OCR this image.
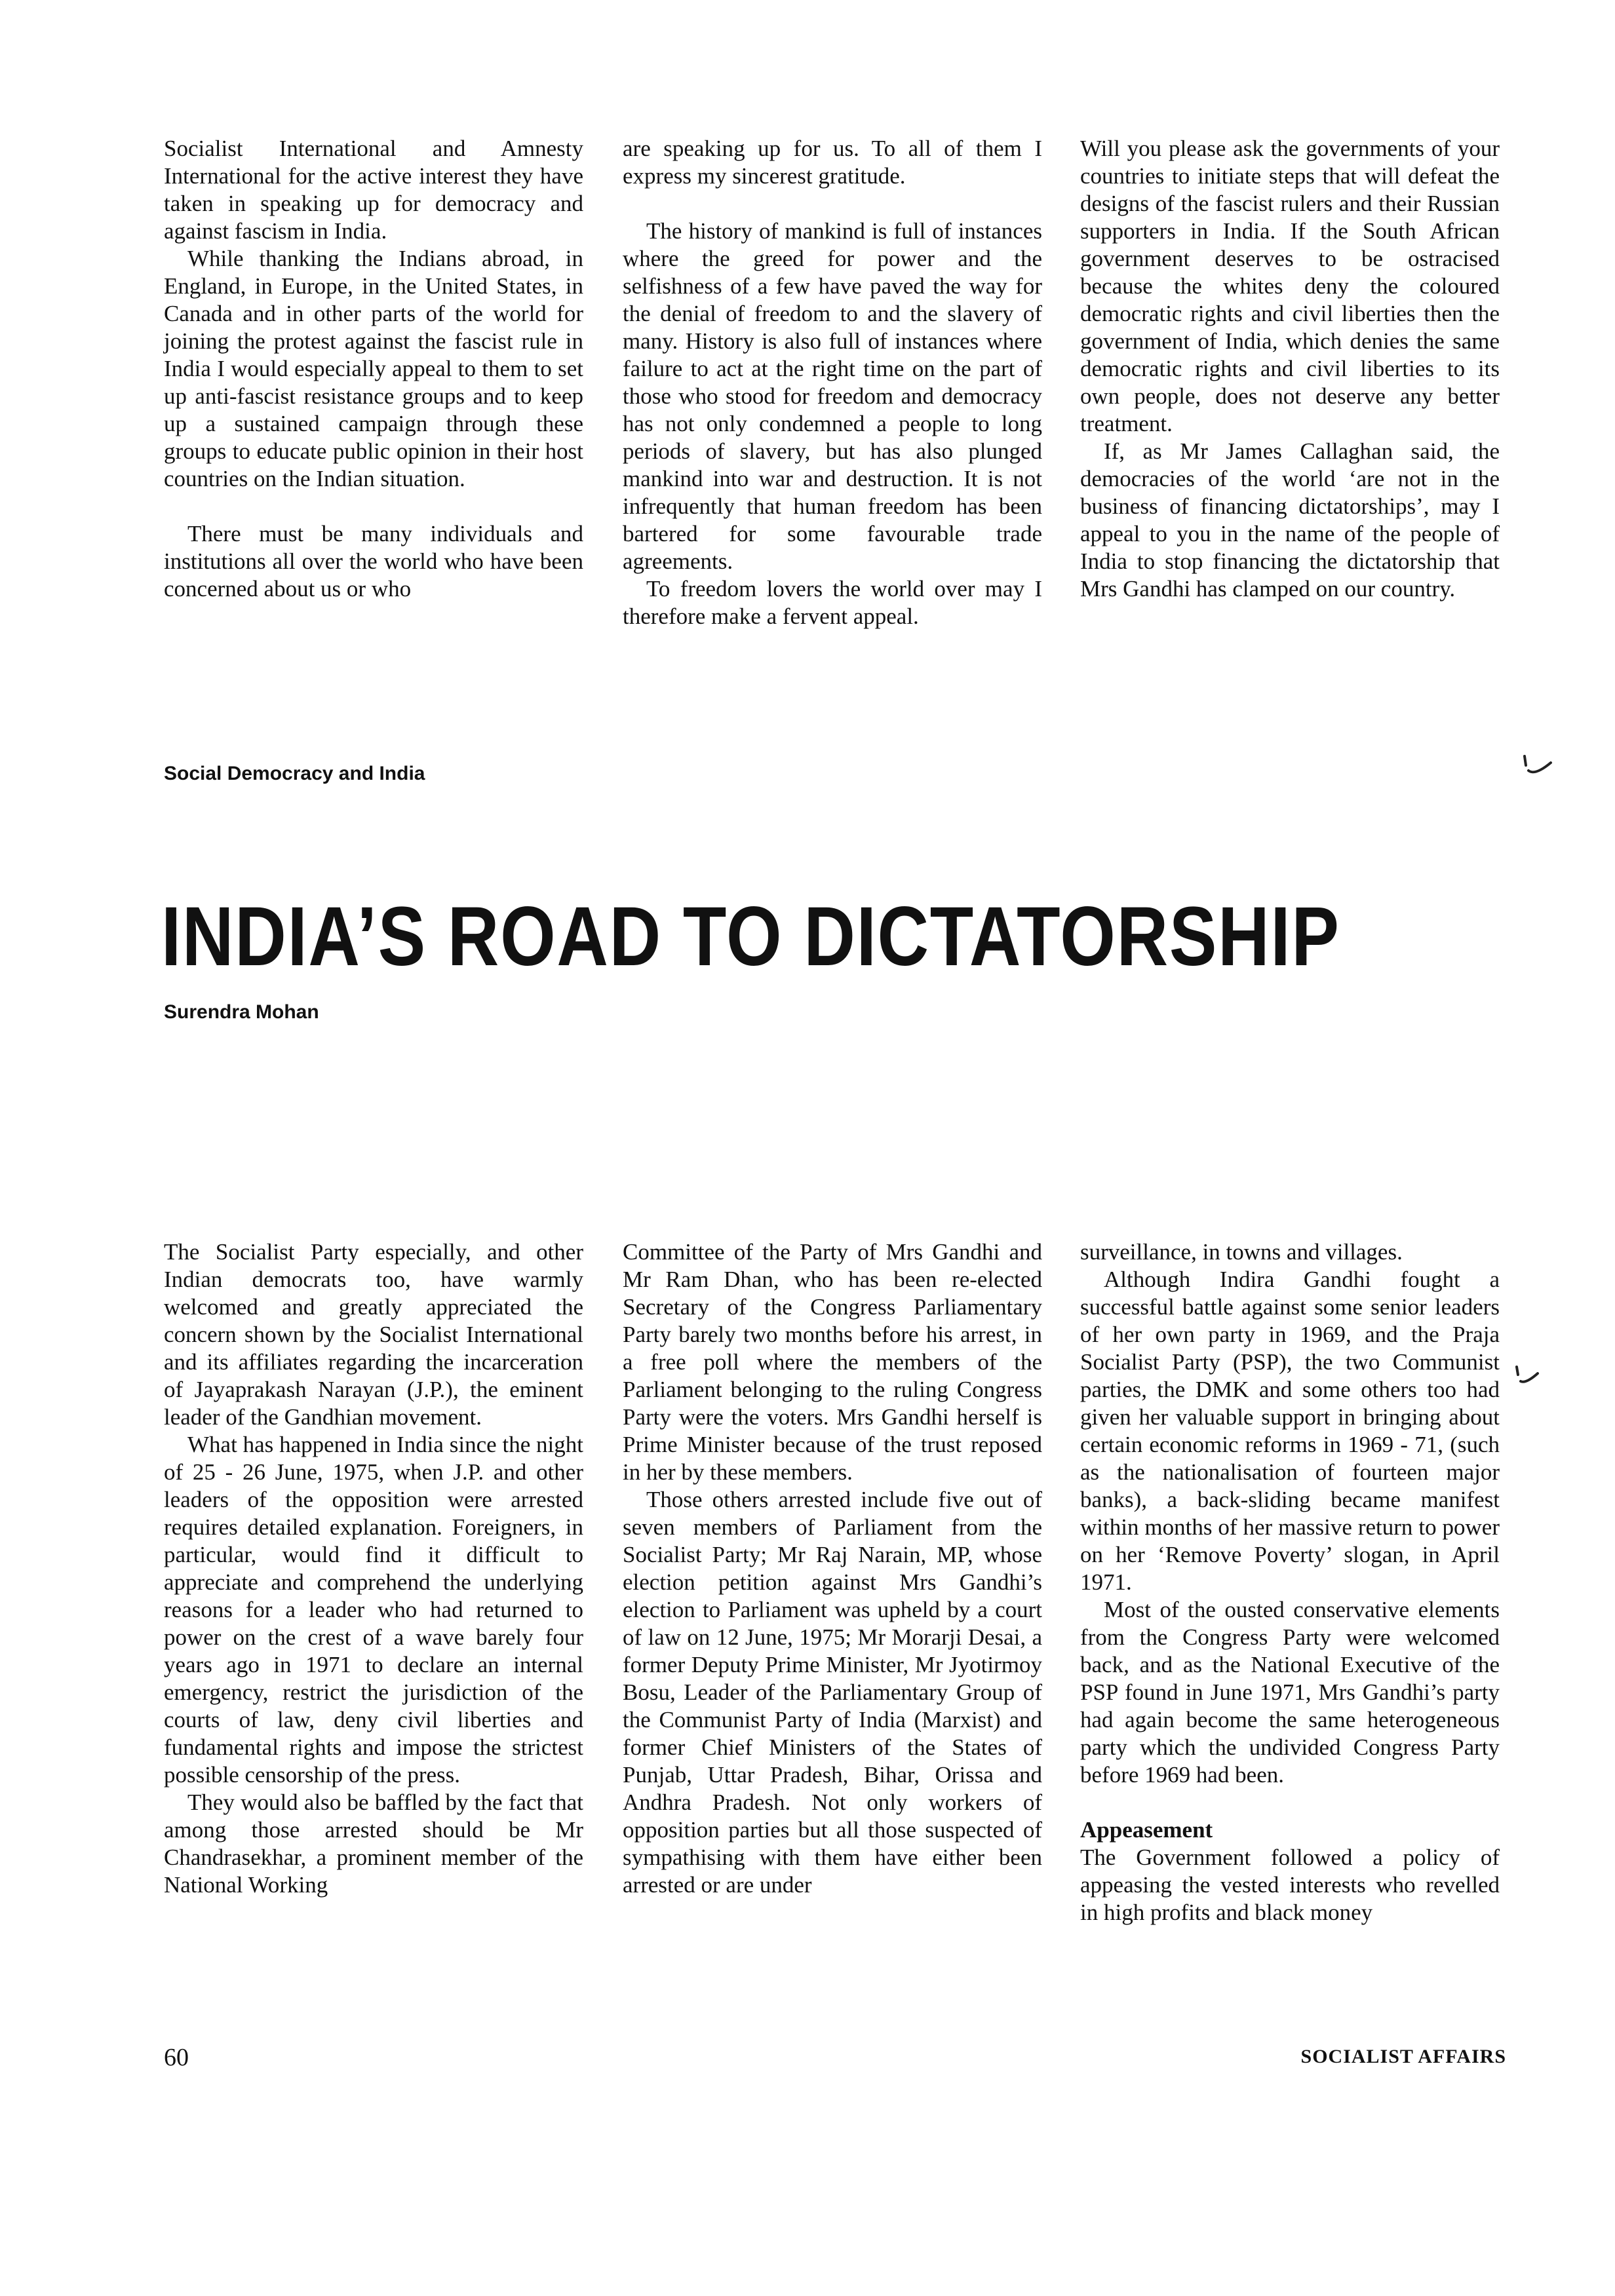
Socialist International and Amnesty International for the active interest they have taken in speaking up for democracy and against fascism in India.

While thanking the Indians abroad, in England, in Europe, in the United States, in Canada and in other parts of the world for joining the protest against the fascist rule in India I would especially appeal to them to set up anti-fascist resistance groups and to keep up a sustained campaign through these groups to educate public opinion in their host countries on the Indian situation.

There must be many individuals and institutions all over the world who have been concerned about us or who

are speaking up for us. To all of them I express my sincerest gratitude.

The history of mankind is full of instances where the greed for power and the selfishness of a few have paved the way for the denial of freedom to and the slavery of many. History is also full of instances where failure to act at the right time on the part of those who stood for freedom and democracy has not only condemned a people to long periods of slavery, but has also plunged mankind into war and destruction. It is not infrequently that human freedom has been bartered for some favourable trade agreements.

To freedom lovers the world over may I therefore make a fervent appeal.

Will you please ask the governments of your countries to initiate steps that will defeat the designs of the fascist rulers and their Russian supporters in India. If the South African government deserves to be ostracised because the whites deny the coloured democratic rights and civil liberties then the government of India, which denies the same democratic rights and civil liberties to its own people, does not deserve any better treatment.

If, as Mr James Callaghan said, the democracies of the world ‘are not in the business of financing dictatorships’, may I appeal to you in the name of the people of India to stop financing the dictatorship that Mrs Gandhi has clamped on our country.

Social Democracy and India
INDIA’S ROAD TO DICTATORSHIP
Surendra Mohan

The Socialist Party especially, and other Indian democrats too, have warmly welcomed and greatly appreciated the concern shown by the Socialist International and its affiliates regarding the incarceration of Jayaprakash Narayan (J.P.), the eminent leader of the Gandhian movement.

What has happened in India since the night of 25 - 26 June, 1975, when J.P. and other leaders of the opposition were arrested requires detailed explanation. Foreigners, in particular, would find it difficult to appreciate and comprehend the underlying reasons for a leader who had returned to power on the crest of a wave barely four years ago in 1971 to declare an internal emergency, restrict the jurisdiction of the courts of law, deny civil liberties and fundamental rights and impose the strictest possible censorship of the press.

They would also be baffled by the fact that among those arrested should be Mr Chandrasekhar, a prominent member of the National Working

Committee of the Party of Mrs Gandhi and Mr Ram Dhan, who has been re-elected Secretary of the Congress Parliamentary Party barely two months before his arrest, in a free poll where the members of the Parliament belonging to the ruling Congress Party were the voters. Mrs Gandhi herself is Prime Minister because of the trust reposed in her by these members.

Those others arrested include five out of seven members of Parliament from the Socialist Party; Mr Raj Narain, MP, whose election petition against Mrs Gandhi’s election to Parliament was upheld by a court of law on 12 June, 1975; Mr Morarji Desai, a former Deputy Prime Minister, Mr Jyotirmoy Bosu, Leader of the Parliamentary Group of the Communist Party of India (Marxist) and former Chief Ministers of the States of Punjab, Uttar Pradesh, Bihar, Orissa and Andhra Pradesh. Not only workers of opposition parties but all those suspected of sympathising with them have either been arrested or are under

surveillance, in towns and villages.

Although Indira Gandhi fought a successful battle against some senior leaders of her own party in 1969, and the Praja Socialist Party (PSP), the two Communist parties, the DMK and some others too had given her valuable support in bringing about certain economic reforms in 1969 - 71, (such as the nationalisation of fourteen major banks), a back-sliding became manifest within months of her massive return to power on her ‘Remove Poverty’ slogan, in April 1971.

Most of the ousted conservative elements from the Congress Party were welcomed back, and as the National Executive of the PSP found in June 1971, Mrs Gandhi’s party had again become the same heterogeneous party which the undivided Congress Party before 1969 had been.

Appeasement

The Government followed a policy of appeasing the vested interests who revelled in high profits and black money

60	SOCIALIST AFFAIRS
